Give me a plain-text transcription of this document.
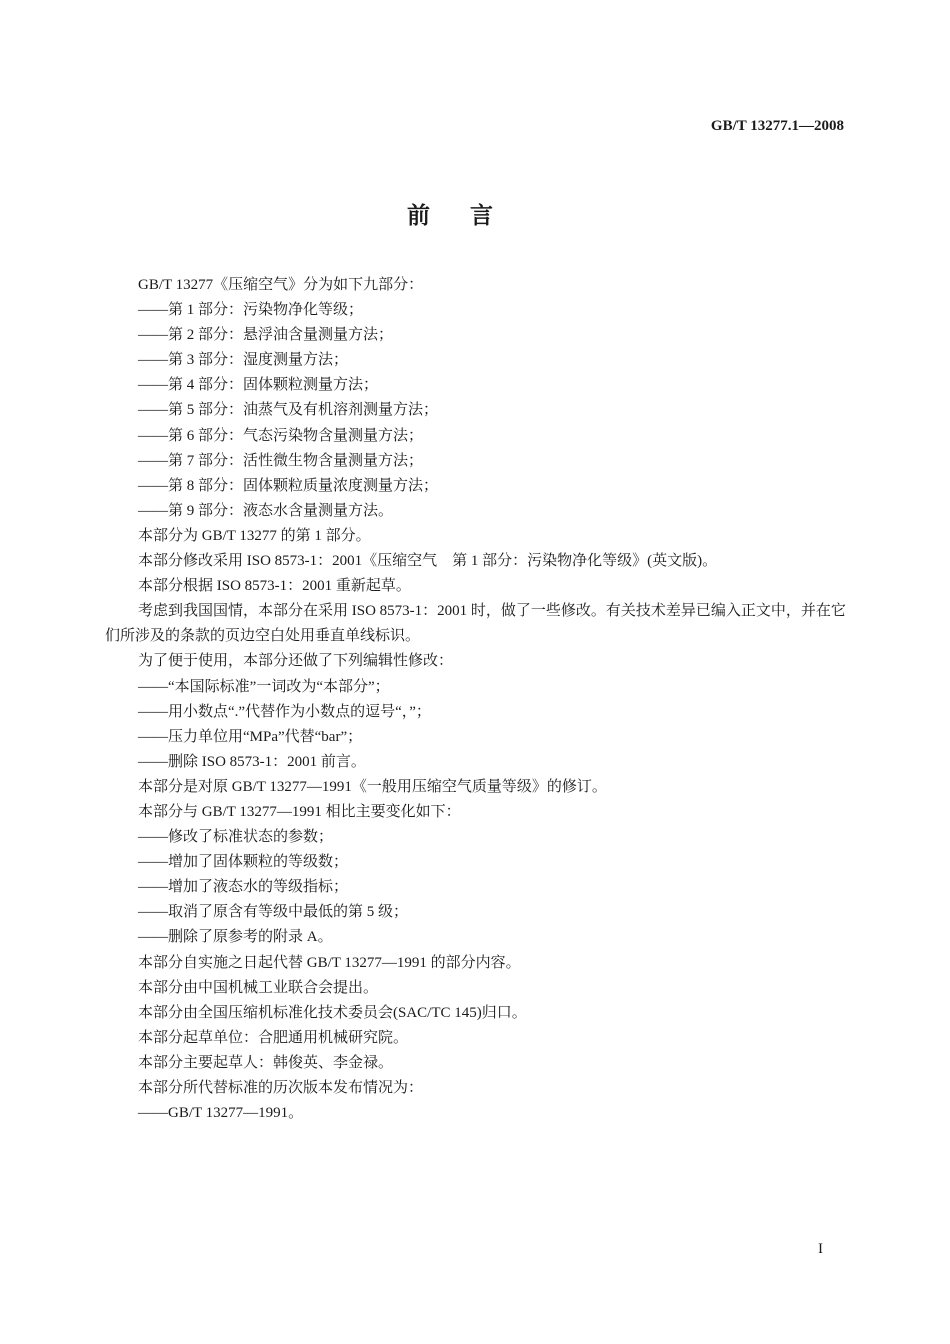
GB/T 13277.1—2008
前言

GB/T 13277《压缩空气》分为如下九部分：

——第 1 部分：污染物净化等级；

——第 2 部分：悬浮油含量测量方法；

——第 3 部分：湿度测量方法；

——第 4 部分：固体颗粒测量方法；

——第 5 部分：油蒸气及有机溶剂测量方法；

——第 6 部分：气态污染物含量测量方法；

——第 7 部分：活性微生物含量测量方法；

——第 8 部分：固体颗粒质量浓度测量方法；

——第 9 部分：液态水含量测量方法。

本部分为 GB/T 13277 的第 1 部分。

本部分修改采用 ISO 8573-1：2001《压缩空气　第 1 部分：污染物净化等级》(英文版)。

本部分根据 ISO 8573-1：2001 重新起草。

考虑到我国国情，本部分在采用 ISO 8573-1：2001 时，做了一些修改。有关技术差异已编入正文中，并在它们所涉及的条款的页边空白处用垂直单线标识。

为了便于使用，本部分还做了下列编辑性修改：

——“本国际标准”一词改为“本部分”；

——用小数点“.”代替作为小数点的逗号“，”；

——压力单位用“MPa”代替“bar”；

——删除 ISO 8573-1：2001 前言。

本部分是对原 GB/T 13277—1991《一般用压缩空气质量等级》的修订。

本部分与 GB/T 13277—1991 相比主要变化如下：

——修改了标准状态的参数；

——增加了固体颗粒的等级数；

——增加了液态水的等级指标；

——取消了原含有等级中最低的第 5 级；

——删除了原参考的附录 A。

本部分自实施之日起代替 GB/T 13277—1991 的部分内容。

本部分由中国机械工业联合会提出。

本部分由全国压缩机标准化技术委员会(SAC/TC 145)归口。

本部分起草单位：合肥通用机械研究院。

本部分主要起草人：韩俊英、李金禄。

本部分所代替标准的历次版本发布情况为：

——GB/T 13277—1991。

I
